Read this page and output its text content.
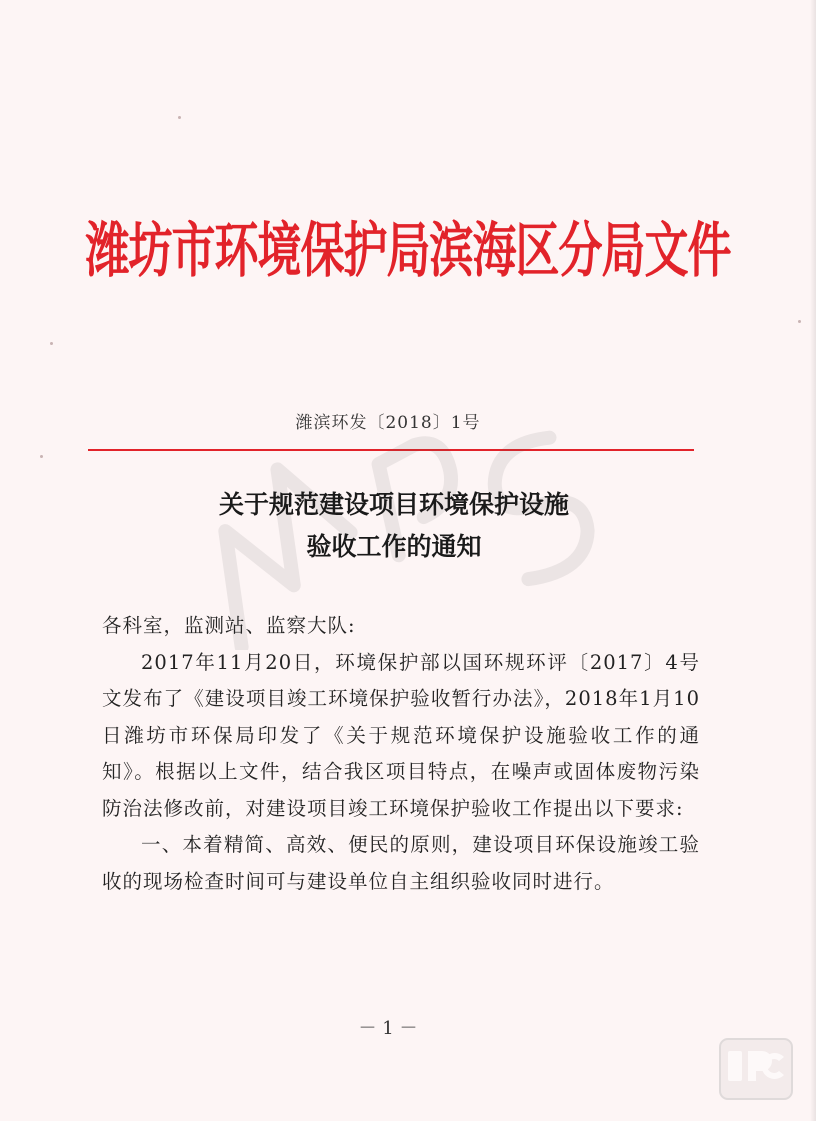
潍坊市环境保护局滨海区分局文件
潍滨环发〔2018〕1号
关于规范建设项目环境保护设施
验收工作的通知

各科室，监测站、监察大队:

2017年11月20日，环境保护部以国环规环评〔2017〕4号文发布了《建设项目竣工环境保护验收暂行办法》，2018年1月10日潍坊市环保局印发了《关于规范环境保护设施验收工作的通知》。根据以上文件，结合我区项目特点，在噪声或固体废物污染防治法修改前，对建设项目竣工环境保护验收工作提出以下要求:

一、本着精简、高效、便民的原则，建设项目环保设施竣工验收的现场检查时间可与建设单位自主组织验收同时进行。

－ 1 －
